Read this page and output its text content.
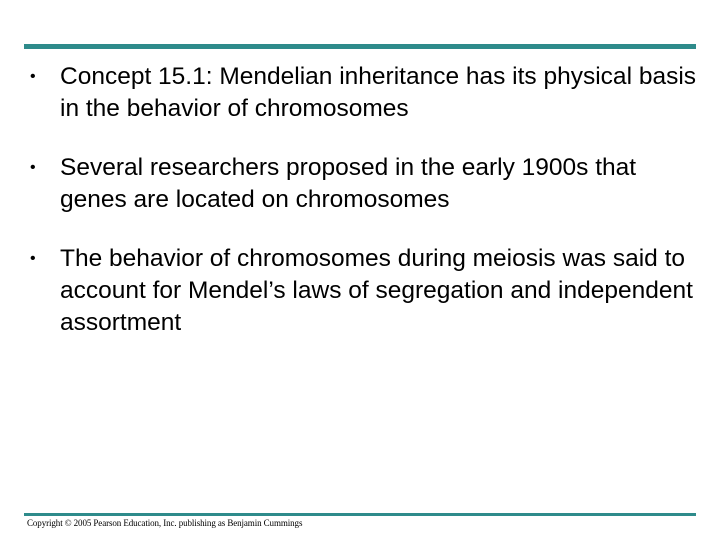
• Concept 15.1: Mendelian inheritance has its physical basis in the behavior of chromosomes
• Several researchers proposed in the early 1900s that genes are located on chromosomes
• The behavior of chromosomes during meiosis was said to account for Mendel’s laws of segregation and independent assortment
Copyright © 2005 Pearson Education, Inc. publishing as Benjamin Cummings
